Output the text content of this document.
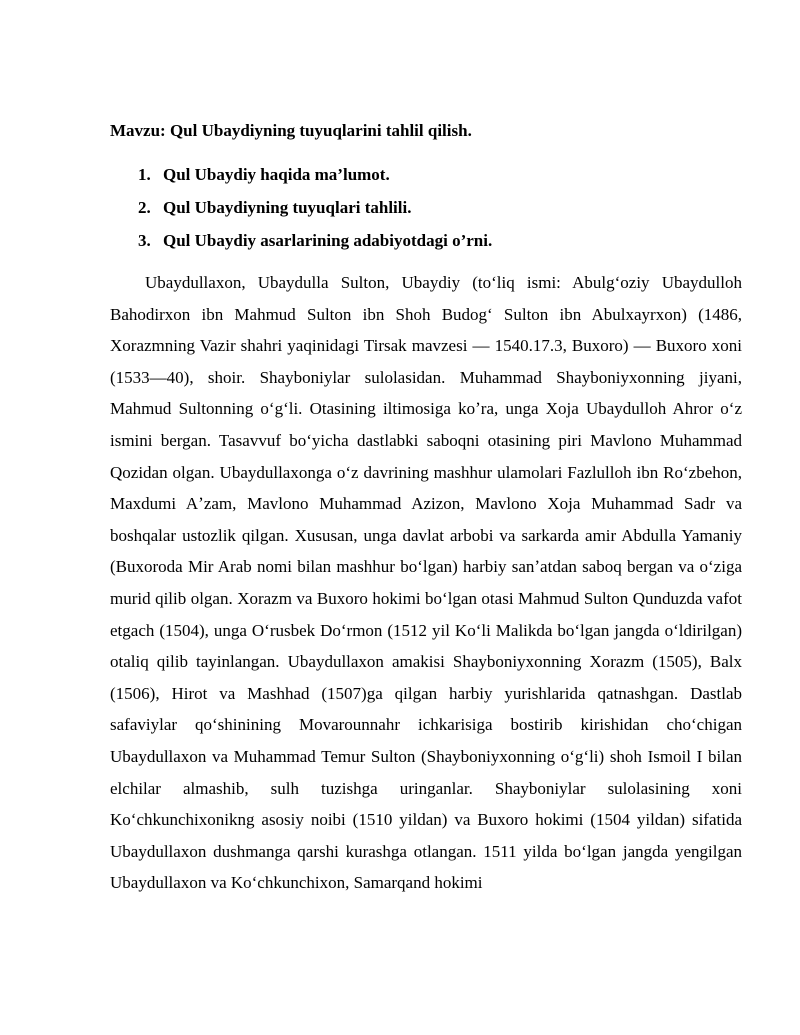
Mavzu: Qul Ubaydiyning tuyuqlarini tahlil qilish.
1. Qul Ubaydiy haqida ma’lumot.
2. Qul Ubaydiyning tuyuqlari tahlili.
3. Qul Ubaydiy asarlarining adabiyotdagi o’rni.

Ubaydullaxon, Ubaydulla Sulton, Ubaydiy (toʻliq ismi: Abulgʻoziy Ubaydulloh Bahodirxon ibn Mahmud Sulton ibn Shoh Budogʻ Sulton ibn Abulxayrxon) (1486, Xorazmning Vazir shahri yaqinidagi Tirsak mavzesi — 1540.17.3, Buxoro) — Buxoro xoni (1533—40), shoir. Shayboniylar sulolasidan. Muhammad Shayboniyxonning jiyani, Mahmud Sultonning oʻgʻli. Otasining iltimosiga koʼra, unga Xoja Ubaydulloh Ahror oʻz ismini bergan. Tasavvuf boʻyicha dastlabki saboqni otasining piri Mavlono Muhammad Qozidan olgan. Ubaydullaxonga oʻz davrining mashhur ulamolari Fazlulloh ibn Roʻzbehon, Maxdumi Aʼzam, Mavlono Muhammad Azizon, Mavlono Xoja Muhammad Sadr va boshqalar ustozlik qilgan. Xususan, unga davlat arbobi va sarkarda amir Abdulla Yamaniy (Buxoroda Mir Arab nomi bilan mashhur boʻlgan) harbiy sanʼatdan saboq bergan va oʻziga murid qilib olgan. Xorazm va Buxoro hokimi boʻlgan otasi Mahmud Sulton Qunduzda vafot etgach (1504), unga Oʻrusbek Doʻrmon (1512 yil Koʻli Malikda boʻlgan jangda oʻldirilgan) otaliq qilib tayinlangan. Ubaydullaxon amakisi Shayboniyxonning Xorazm (1505), Balx (1506), Hirot va Mashhad (1507)ga qilgan harbiy yurishlarida qatnashgan. Dastlab safaviylar qoʻshinining Movarounnahr ichkarisiga bostirib kirishidan choʻchigan Ubaydullaxon va Muhammad Temur Sulton (Shayboniyxonning oʻgʻli) shoh Ismoil I bilan elchilar almashib, sulh tuzishga uringanlar. Shayboniylar sulolasining xoni Koʻchkunchixonikng asosiy noibi (1510 yildan) va Buxoro hokimi (1504 yildan) sifatida Ubaydullaxon dushmanga qarshi kurashga otlangan. 1511 yilda boʻlgan jangda yengilgan Ubaydullaxon va Koʻchkunchixon, Samarqand hokimi
